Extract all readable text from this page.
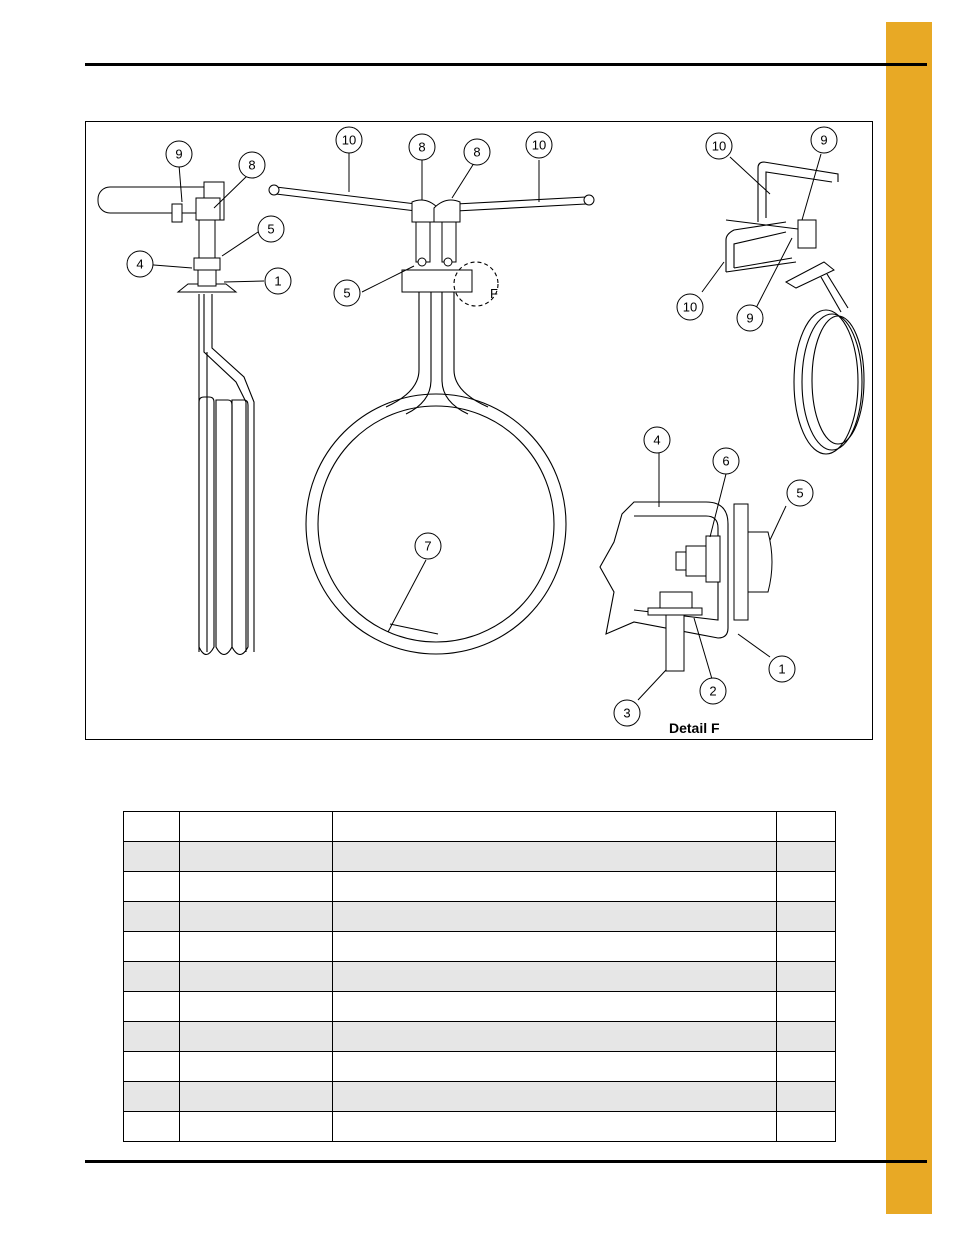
F
9
8
5
4
1
10	8	8	10
5
7
10	9
10
9
4
6
5
1
2
3
Detail F
